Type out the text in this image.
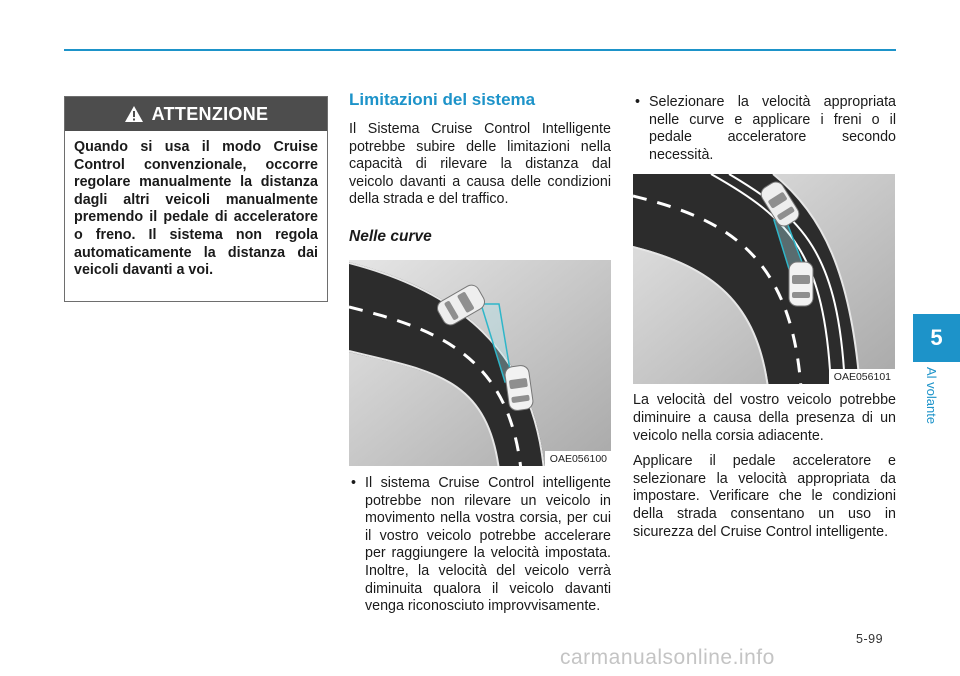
ATTENZIONE
Quando si usa il modo Cruise Control convenzionale, occorre regolare manualmente la distanza dagli altri veicoli manualmente premendo il pedale di acceleratore o freno. Il sistema non regola automaticamente la distanza dai veicoli davanti a voi.
Limitazioni del sistema

Il Sistema Cruise Control Intelligente potrebbe subire delle limitazioni nella capacità di rilevare la distanza dal veicolo davanti a causa delle condizioni della strada e del traffico.

Nelle curve
OAE056100
• Il sistema Cruise Control intelligente potrebbe non rilevare un veicolo in movimento nella vostra corsia, per cui il vostro veicolo potrebbe accelerare per raggiungere la velocità impostata. Inoltre, la velocità del veicolo verrà diminuita qualora il veicolo davanti venga riconosciuto improvvisamente.
• Selezionare la velocità appropriata nelle curve e applicare i freni o il pedale acceleratore secondo necessità.
OAE056101

La velocità del vostro veicolo potrebbe diminuire a causa della presenza di un veicolo nella corsia adiacente.

Applicare il pedale acceleratore e selezionare la velocità appropriata da impostare. Verificare che le condizioni della strada consentano un uso in sicurezza del Cruise Control intelligente.

5
Al volante
5-99
carmanualsonline.info
